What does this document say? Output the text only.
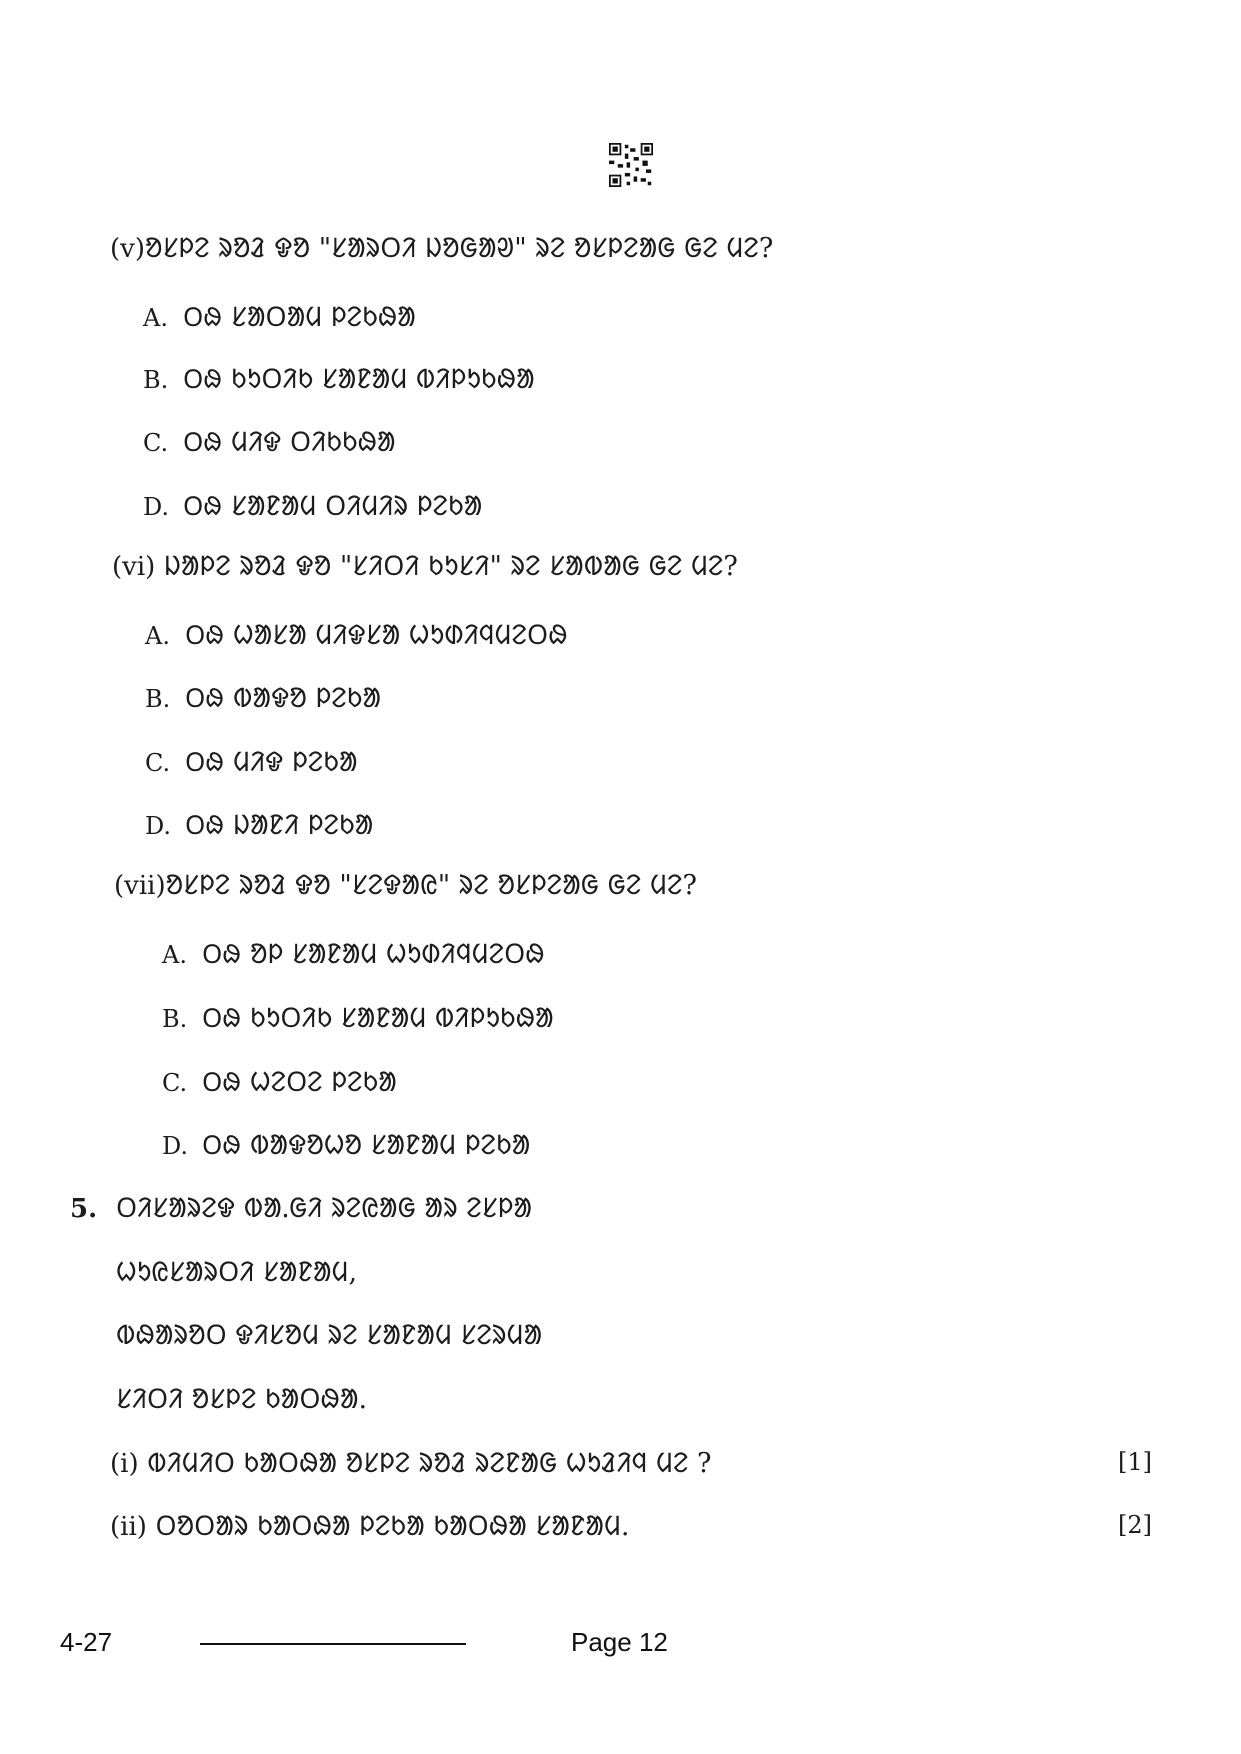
(v)ᱚᱥᱞᱮ ᱨᱚᱲ ᱫᱚ "ᱥᱟᱨᱛᱤ ᱡᱚᱜᱟᱣ" ᱨᱮ ᱚᱥᱞᱮᱟᱜ ᱜᱮ ᱢᱮ?
A. ᱛᱷ ᱥᱟᱛᱟᱢ ᱞᱮᱠᱷᱟ
B. ᱛᱷ ᱠᱩᱛᱤᱠ ᱥᱟᱱᱟᱢ ᱵᱤᱞᱩᱠᱷᱟ
C. ᱛᱷ ᱢᱤᱫ ᱛᱤᱠᱠᱷᱟ
D. ᱛᱷ ᱥᱟᱱᱟᱢ ᱛᱤᱢᱤᱨ ᱞᱮᱠᱟ
(vi) ᱡᱟᱞᱮ ᱨᱚᱲ ᱫᱚ "ᱥᱤᱛᱤ ᱠᱩᱥᱤ" ᱨᱮ ᱥᱟᱵᱟᱜ ᱜᱮ ᱢᱮ?
A. ᱛᱷ ᱦᱟᱥᱟ ᱢᱤᱫᱥᱟ ᱦᱩᱰᱤᱧᱢᱮᱛᱷ
B. ᱛᱷ ᱵᱟᱫᱚ ᱞᱮᱠᱟ
C. ᱛᱷ ᱢᱤᱫ ᱞᱮᱠᱟ
D. ᱛᱷ ᱡᱟᱱᱤ ᱞᱮᱠᱟ
(vii)ᱚᱥᱞᱮ ᱨᱚᱲ ᱫᱚ "ᱥᱮᱫᱟᱭ" ᱨᱮ ᱚᱥᱞᱮᱟᱜ ᱜᱮ ᱢᱮ?
A. ᱛᱷ ᱚᱞ ᱥᱟᱱᱟᱢ ᱦᱩᱰᱤᱧᱢᱮᱛᱷ
B. ᱛᱷ ᱠᱩᱛᱤᱠ ᱥᱟᱱᱟᱢ ᱵᱤᱞᱩᱠᱷᱟ
C. ᱛᱷ ᱦᱮᱛᱮ ᱞᱮᱠᱟ
D. ᱛᱷ ᱵᱟᱫᱚᱦᱚ ᱥᱟᱱᱟᱢ ᱞᱮᱠᱟ
5. ᱛᱤᱥᱟᱨᱮᱫ ᱵᱟᱹᱜᱤ ᱨᱮᱭᱟᱜ ᱟᱨ ᱮᱥᱞᱟ
ᱦᱩᱭᱥᱟᱨᱛᱤ ᱥᱟᱱᱟᱢ,
ᱵᱷᱟᱨᱚᱛ ᱫᱤᱥᱚᱢ ᱨᱮ ᱥᱟᱱᱟᱢ ᱥᱮᱨᱢᱟ
ᱥᱤᱛᱤ ᱚᱥᱞᱮ ᱠᱟᱛᱷᱟ.
(i) ᱵᱤᱢᱤᱛ ᱠᱟᱛᱷᱟ ᱚᱥᱞᱮ ᱨᱚᱲ ᱨᱮᱱᱟᱜ ᱦᱩᱲᱤᱧ ᱢᱮ ?	[1]
(ii) ᱛᱚᱛᱟᱨ ᱠᱟᱛᱷᱟ ᱞᱮᱠᱟ ᱠᱟᱛᱷᱟ ᱥᱟᱱᱟᱢ.	[2]
4-27	Page 12
